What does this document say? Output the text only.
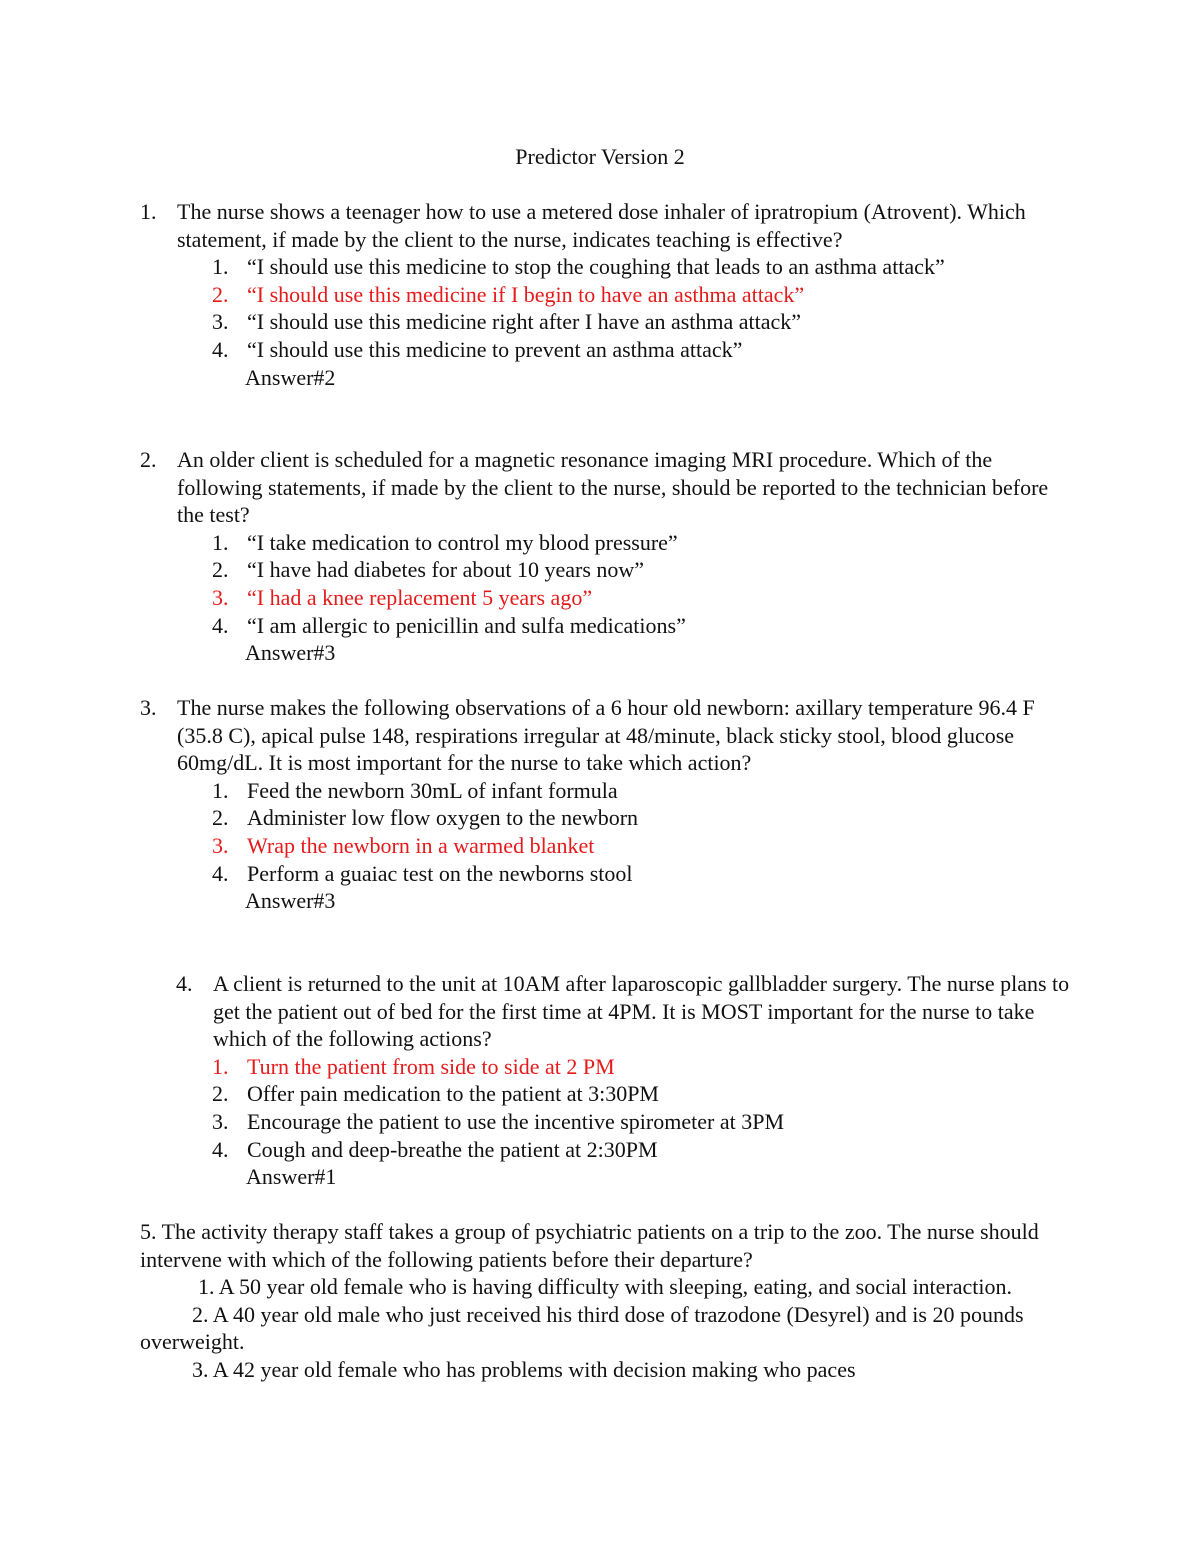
Predictor Version 2
1. The nurse shows a teenager how to use a metered dose inhaler of ipratropium (Atrovent). Which statement, if made by the client to the nurse, indicates teaching is effective?
1. “I should use this medicine to stop the coughing that leads to an asthma attack”
2. “I should use this medicine if I begin to have an asthma attack”
3. “I should use this medicine right after I have an asthma attack”
4. “I should use this medicine to prevent an asthma attack”
Answer#2
2. An older client is scheduled for a magnetic resonance imaging MRI procedure. Which of the following statements, if made by the client to the nurse, should be reported to the technician before the test?
1. “I take medication to control my blood pressure”
2. “I have had diabetes for about 10 years now”
3. “I had a knee replacement 5 years ago”
4. “I am allergic to penicillin and sulfa medications”
Answer#3
3. The nurse makes the following observations of a 6 hour old newborn: axillary temperature 96.4 F (35.8 C), apical pulse 148, respirations irregular at 48/minute, black sticky stool, blood glucose 60mg/dL. It is most important for the nurse to take which action?
1. Feed the newborn 30mL of infant formula
2. Administer low flow oxygen to the newborn
3. Wrap the newborn in a warmed blanket
4. Perform a guaiac test on the newborns stool
Answer#3
4. A client is returned to the unit at 10AM after laparoscopic gallbladder surgery. The nurse plans to get the patient out of bed for the first time at 4PM. It is MOST important for the nurse to take which of the following actions?
1. Turn the patient from side to side at 2 PM
2. Offer pain medication to the patient at 3:30PM
3. Encourage the patient to use the incentive spirometer at 3PM
4. Cough and deep-breathe the patient at 2:30PM
Answer#1

5. The activity therapy staff takes a group of psychiatric patients on a trip to the zoo. The nurse should intervene with which of the following patients before their departure?

1. A 50 year old female who is having difficulty with sleeping, eating, and social interaction.

2. A 40 year old male who just received his third dose of trazodone (Desyrel) and is 20 pounds overweight.

3. A 42 year old female who has problems with decision making who paces
